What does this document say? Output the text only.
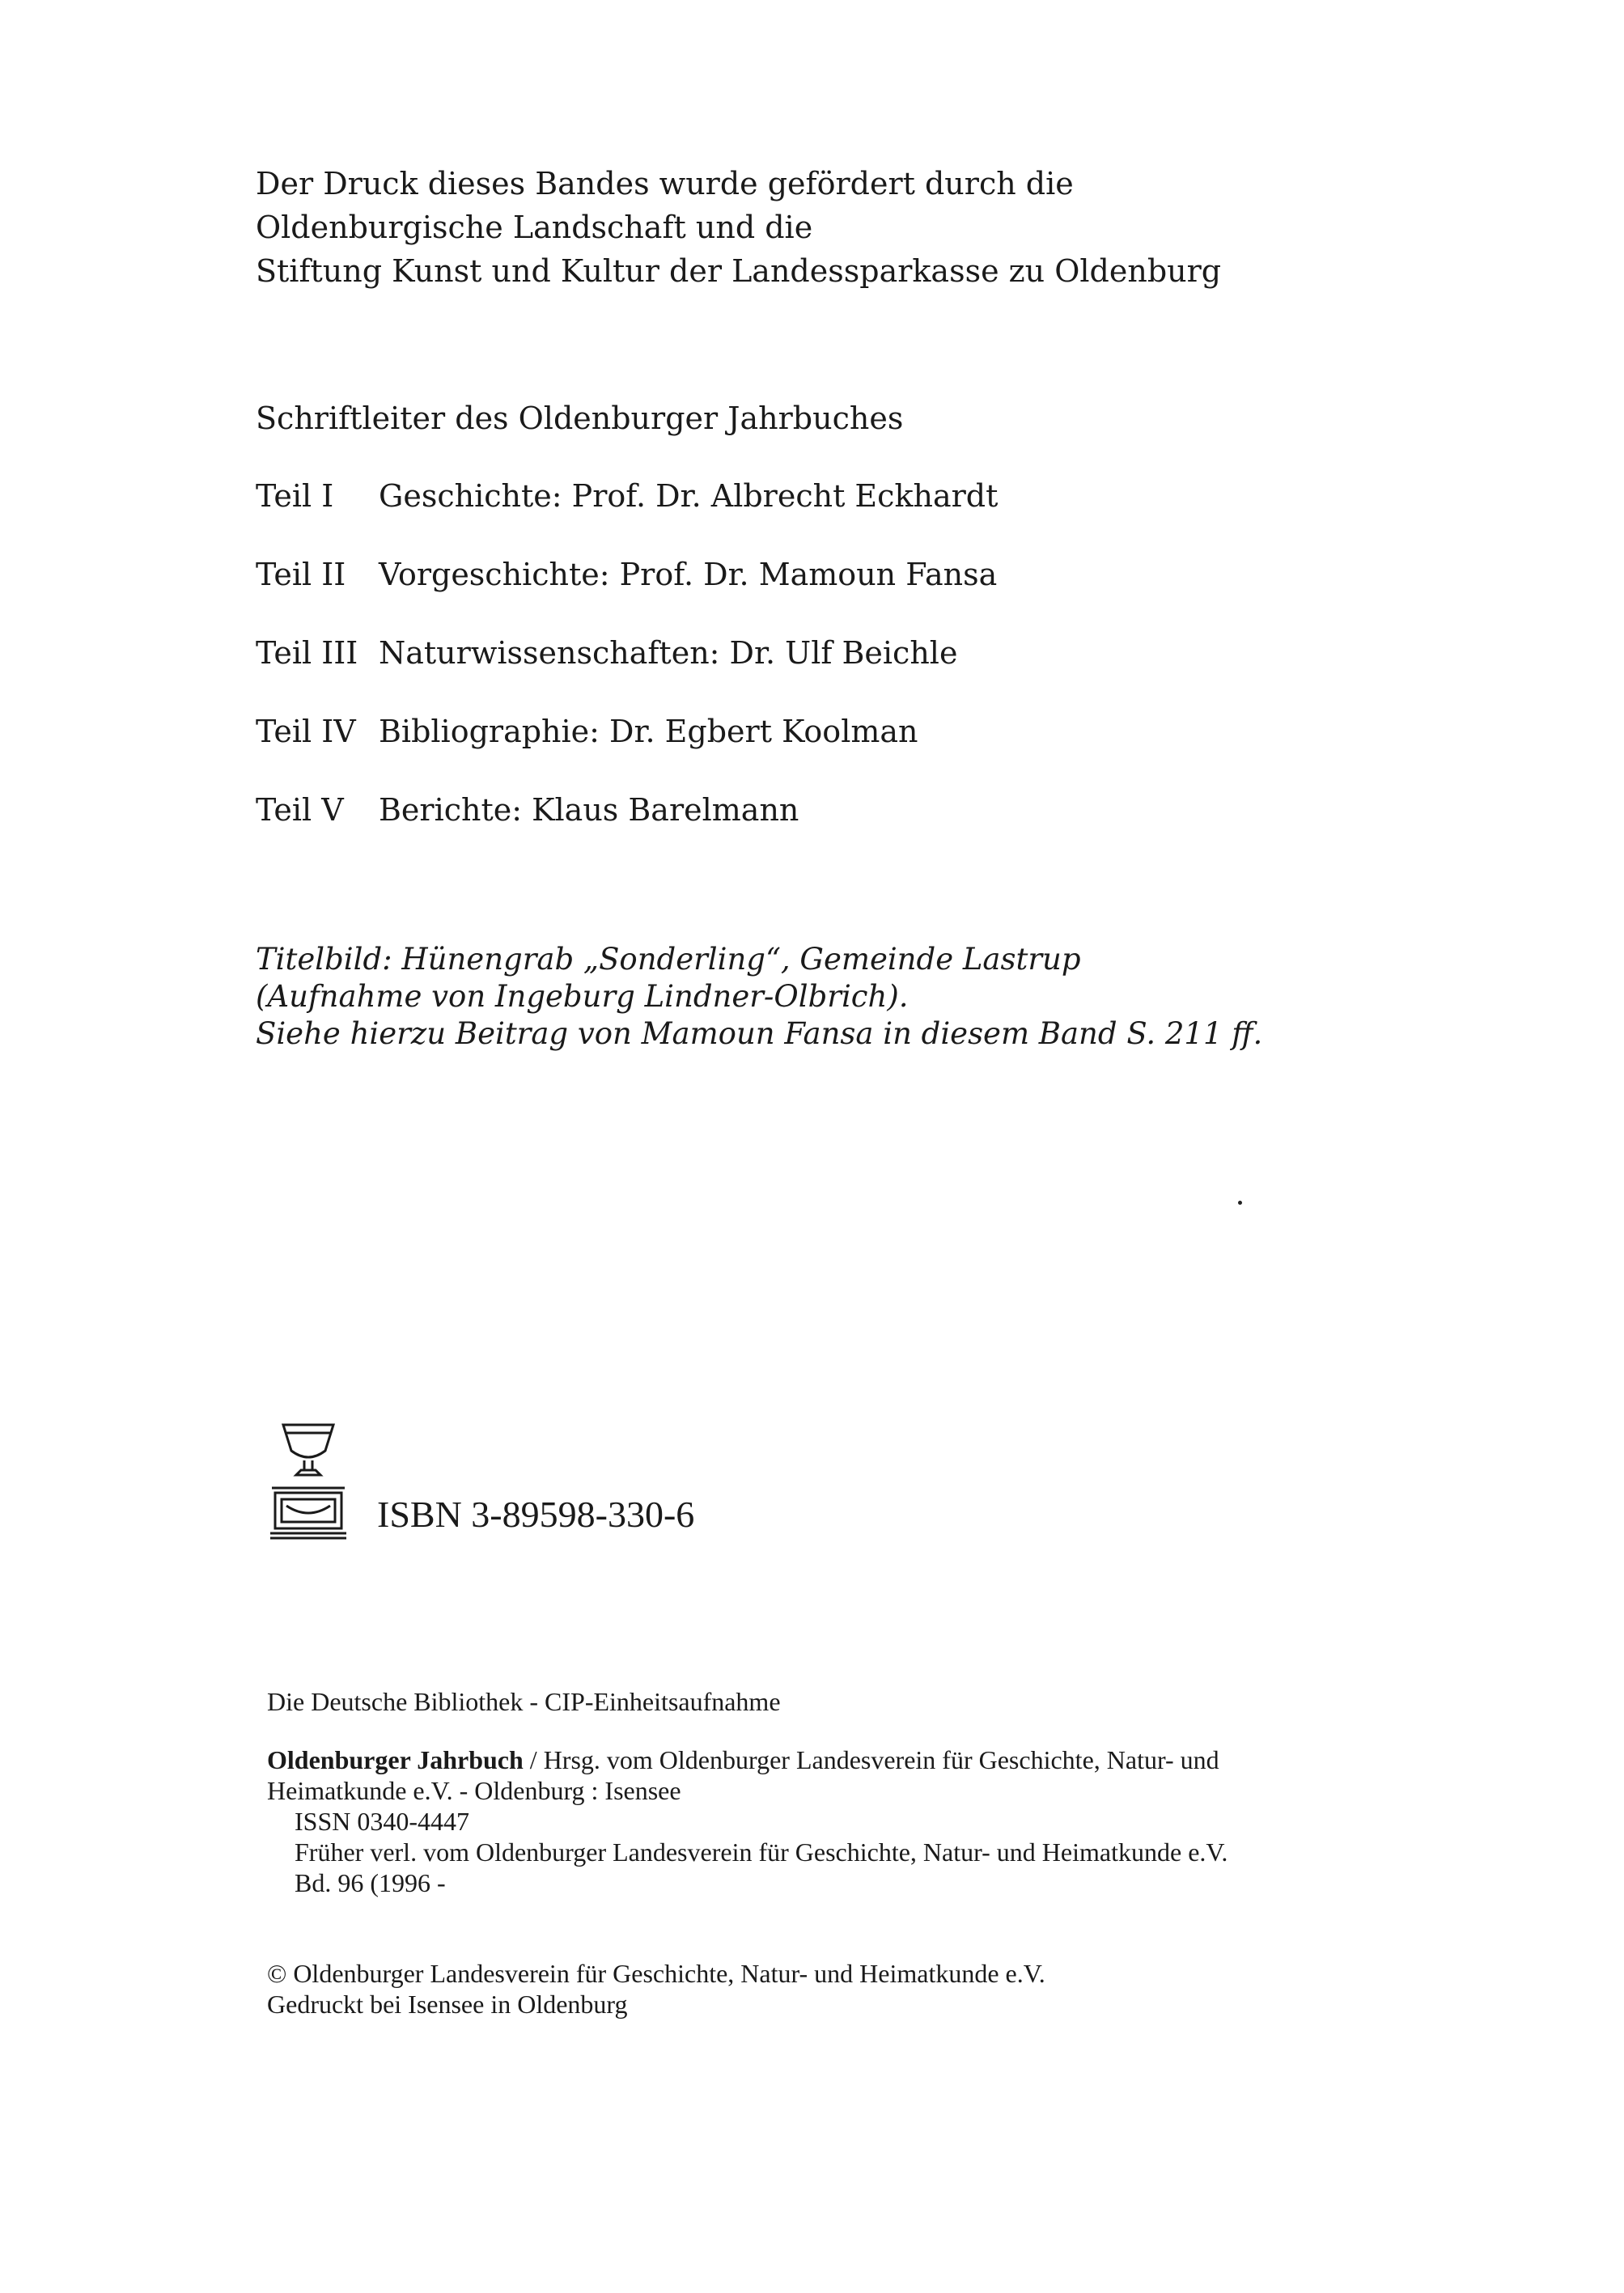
Der Druck dieses Bandes wurde gefördert durch die
Oldenburgische Landschaft und die
Stiftung Kunst und Kultur der Landessparkasse zu Oldenburg
Schriftleiter des Oldenburger Jahrbuches
Teil I Geschichte: Prof. Dr. Albrecht Eckhardt
Teil II Vorgeschichte: Prof. Dr. Mamoun Fansa
Teil III Naturwissenschaften: Dr. Ulf Beichle
Teil IV Bibliographie: Dr. Egbert Koolman
Teil V Berichte: Klaus Barelmann
Titelbild: Hünengrab „Sonderling“, Gemeinde Lastrup
(Aufnahme von Ingeburg Lindner-Olbrich).
Siehe hierzu Beitrag von Mamoun Fansa in diesem Band S. 211 ff.
ISBN 3-89598-330-6
Die Deutsche Bibliothek - CIP-Einheitsaufnahme
Oldenburger Jahrbuch / Hrsg. vom Oldenburger Landesverein für Geschichte, Natur- und
Heimatkunde e.V. - Oldenburg : Isensee
ISSN 0340-4447
Früher verl. vom Oldenburger Landesverein für Geschichte, Natur- und Heimatkunde e.V.
Bd. 96 (1996 -
© Oldenburger Landesverein für Geschichte, Natur- und Heimatkunde e.V.
Gedruckt bei Isensee in Oldenburg
